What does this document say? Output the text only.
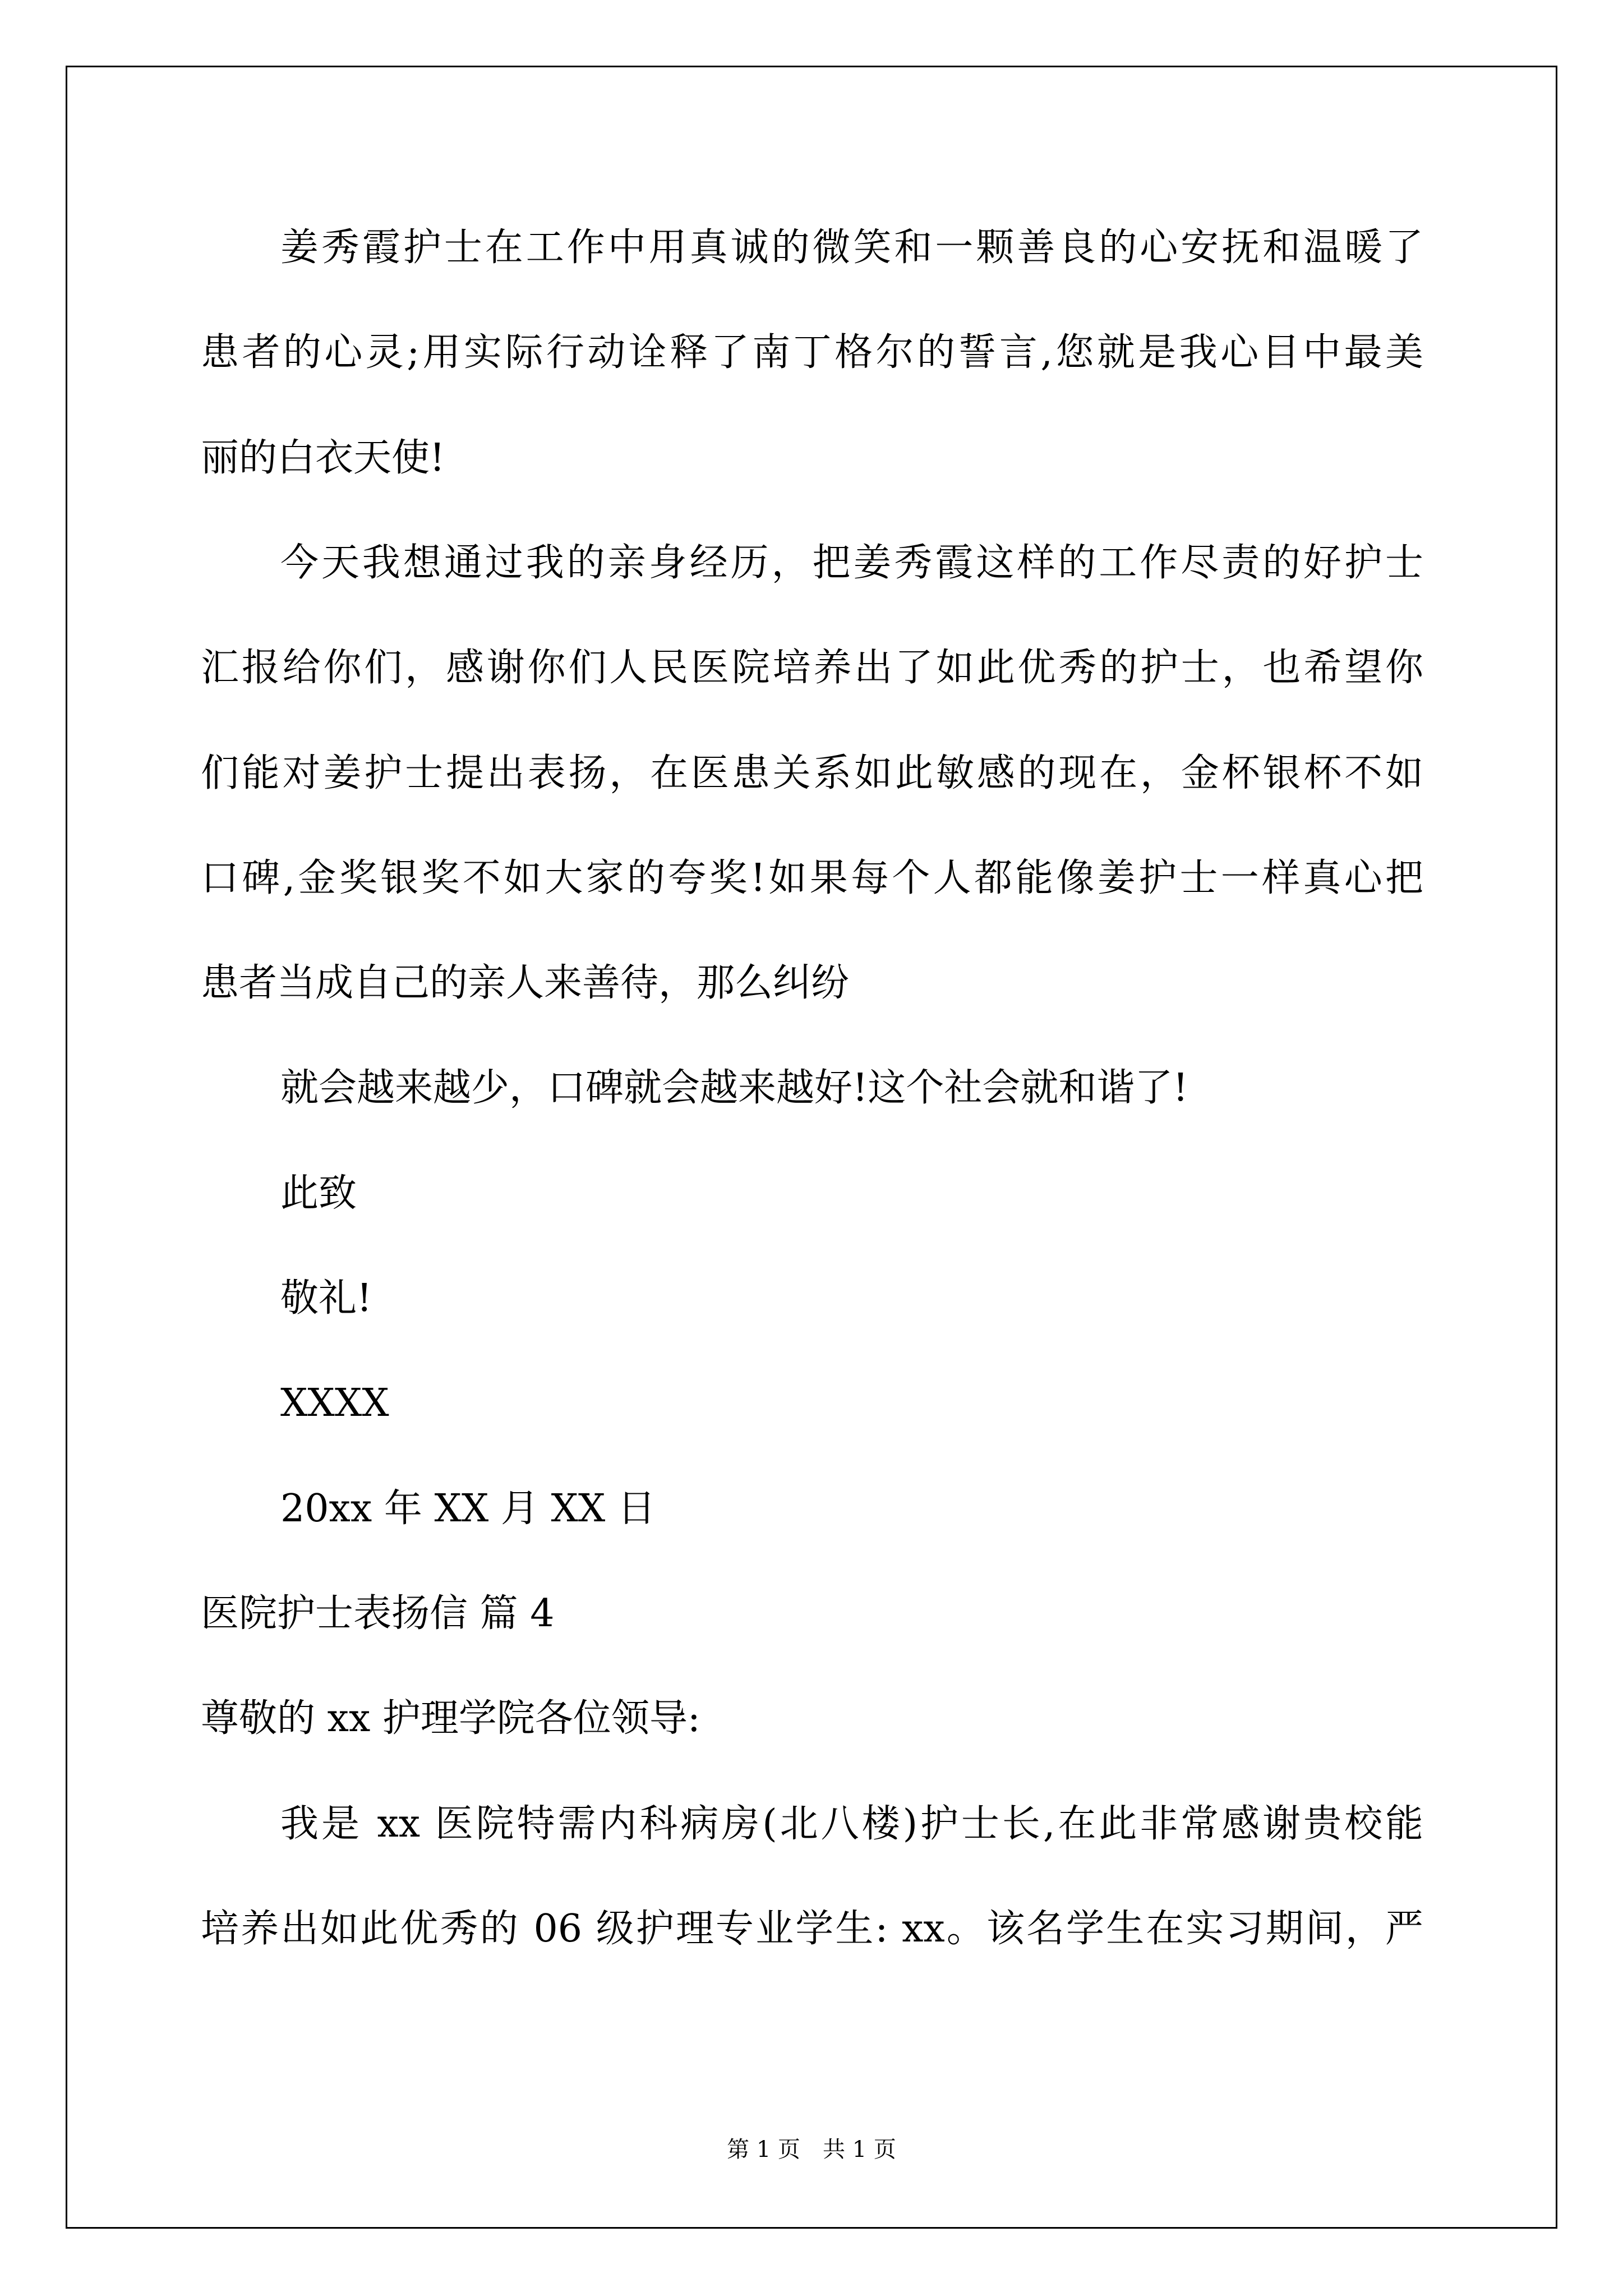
姜秀霞护士在工作中用真诚的微笑和一颗善良的心安抚和温暖了
患者的心灵;用实际行动诠释了南丁格尔的誓言,您就是我心目中最美
丽的白衣天使!
今天我想通过我的亲身经历，把姜秀霞这样的工作尽责的好护士
汇报给你们，感谢你们人民医院培养出了如此优秀的护士，也希望你
们能对姜护士提出表扬，在医患关系如此敏感的现在，金杯银杯不如
口碑,金奖银奖不如大家的夸奖!如果每个人都能像姜护士一样真心把
患者当成自己的亲人来善待，那么纠纷
就会越来越少，口碑就会越来越好!这个社会就和谐了!
此致
敬礼!
XXXX
20xx 年 XX 月 XX 日
医院护士表扬信 篇 4
尊敬的 xx 护理学院各位领导:
我是 xx 医院特需内科病房(北八楼)护士长,在此非常感谢贵校能
培养出如此优秀的 06 级护理专业学生: xx。该名学生在实习期间，严
第 1 页　共 1 页
